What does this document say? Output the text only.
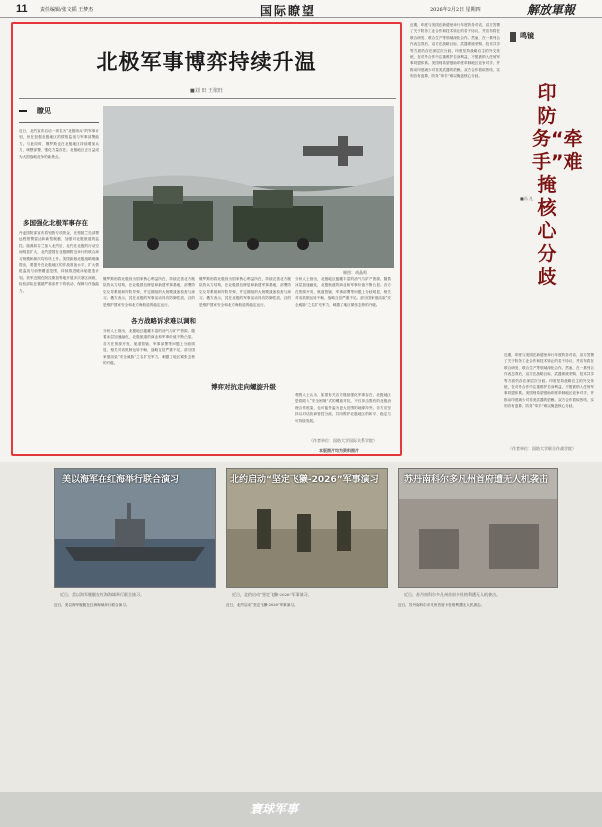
11 责任编辑/张文韬 王梦杰	国际瞭望	2026年2月2日 星期四	解放軍報
北极军事博弈持续升温
■刘 田 王依旺
瞭见
近日，北约宣布启动一项名为“北极哨兵”的军事计划，旨在加强北极地区的情报监视与军事部署能力。与此同时，俄罗斯也在北极地区持续增加兵力，调整部署，强化力量存在。北极地区正日益成为大国战略竞争的新焦点。
多国强化北极军事存在
丹麦国防部宣布将划拨专项资金，在格陵兰岛部署远程预警雷达和新型舰艇，加强对北极航道的监控。瑞典和芬兰加入北约后，北约在北极的行动空间明显扩大，北约盟国在北极圈附近举行的联合演习规模和频次均有所上升。美国新版北极战略明确提出，要提升在北极地区的作战准备水平，扩大情报监视与侦察覆盖范围，持续推进破冰船建造计划。美军近期在阿拉斯加等地开展多次寒区演练，检验部队在极端严寒条件下的机动、保障与作战能力。
制图：胡晶鸣
俄罗斯则将北极视为国家核心利益所在，持续完善北方舰队的兵力结构，在北极群岛修复和新建军事基地，部署防空反导系统和岸防导弹，并定期组织大规模战备检查与演习。俄方表示，其在北极的军事活动具有防御性质，目的是维护国家安全和北方海航道的稳定运行。
各方战略诉求难以调和
分析人士指出，北极地区蕴藏丰富的油气与矿产资源，随着冰层加速融化，北极航道的商业和军事价值不断凸显。各方在资源开发、航道管辖、军事部署等问题上分歧明显，相关对话机制运转不畅，战略互信严重不足。部分国家借渲染“安全威胁”之名扩充军力，刺激了地区紧张态势的升级。
俄罗斯则将北极视为国家核心利益所在，持续完善北方舰队的兵力结构，在北极群岛修复和新建军事基地，部署防空反导系统和岸防导弹，并定期组织大规模战备检查与演习。俄方表示，其在北极的军事活动具有防御性质，目的是维护国家安全和北方海航道的稳定运行。
分析人士指出，北极地区蕴藏丰富的油气与矿产资源，随着冰层加速融化，北极航道的商业和军事价值不断凸显。各方在资源开发、航道管辖、军事部署等问题上分歧明显，相关对话机制运转不畅，战略互信严重不足。部分国家借渲染“安全威胁”之名扩充军力，刺激了地区紧张态势的升级。
博弈对抗走向螺旋升级
观察人士认为，如果有关各方继续强化军事存在，北极地区恐将陷入“安全困境”式的螺旋对抗，不仅冲击既有的北极治理合作框架，也可能外溢为更大范围的地缘冲突。各方应坚持以对话协商管控分歧，共同维护北极地区的和平、稳定与可持续发展。
（作者单位：国防大学国际关系学院）
本版图片均为资料图片
近期，印度与美国在新德里举行年度防务对话，双方签署了关于防务工业合作和技术转让的若干协议，并宣布将在联合研发、联合生产等领域深化合作。然而，在一系列合作表态背后，双方在战略目标、武器系统采购、技术共享等方面仍存在深层次分歧。印度坚持战略自主的外交传统，在对外合作中注重维护自身利益，不愿被纳入任何军事同盟体系。美国则希望借助印度牵制地区竞争对手，并推动印度减少对非美武器的依赖。双方合作看似热络，实则各有盘算，防务“牵手”难以掩盖核心分歧。
近期，印度与美国在新德里举行年度防务对话，双方签署了关于防务工业合作和技术转让的若干协议，并宣布将在联合研发、联合生产等领域深化合作。然而，在一系列合作表态背后，双方在战略目标、武器系统采购、技术共享等方面仍存在深层次分歧。印度坚持战略自主的外交传统，在对外合作中注重维护自身利益，不愿被纳入任何军事同盟体系。美国则希望借助印度牵制地区竞争对手，并推动印度减少对非美武器的依赖。双方合作看似热络，实则各有盘算，防务“牵手”难以掩盖核心分歧。
鸣镜
印防务“牵手”难掩核心分歧
■冯 凡
（作者单位：国防大学联合作战学院）
美以海军在红海举行联合演习
近日，美以海军舰艇在红海海域举行联合演习。
北约启动“坚定飞獭-2026”军事演习
近日，北约启动“坚定飞獭-2026”军事演习。
苏丹南科尔多凡州首府遭无人机袭击
近日，苏丹南科尔多凡州首府卡杜格利遭无人机袭击。
近日，美以海军舰艇在红海海域举行联合演习。	近日，北约启动“坚定飞獭-2026”军事演习。	近日，苏丹南科尔多凡州首府卡杜格利遭无人机袭击。
寰球军事
